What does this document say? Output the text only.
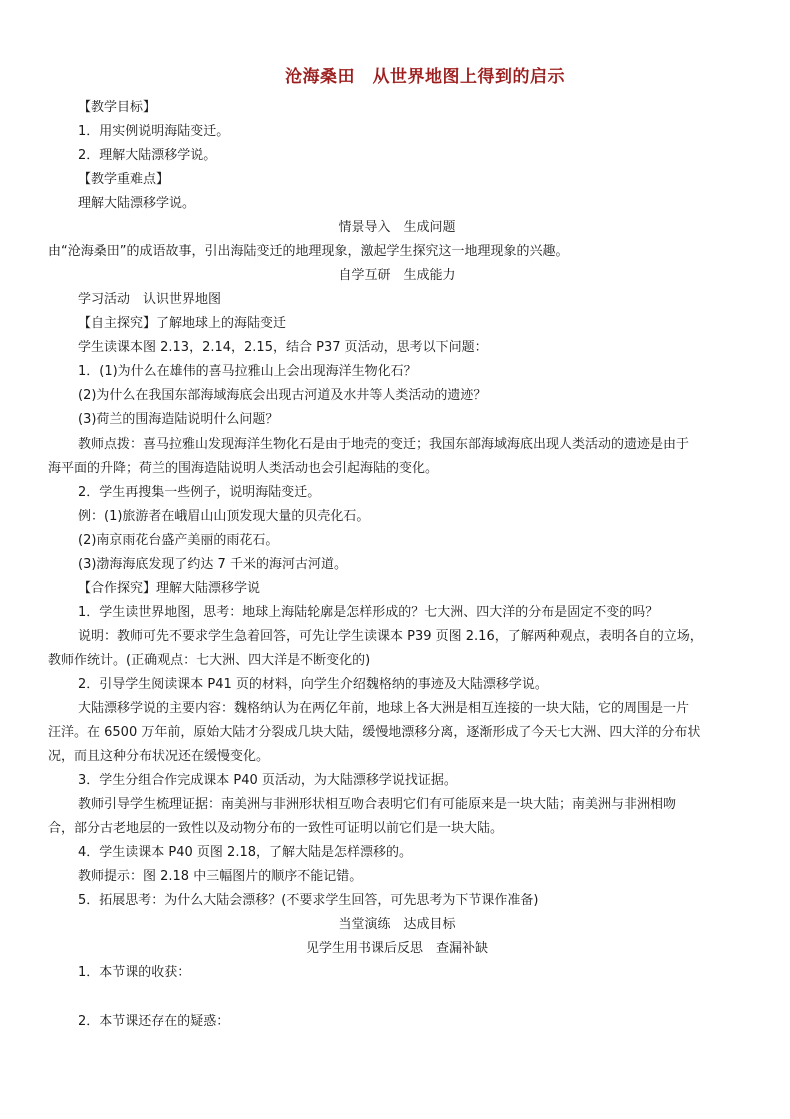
沧海桑田　从世界地图上得到的启示
【教学目标】
1．用实例说明海陆变迁。
2．理解大陆漂移学说。
【教学重难点】
理解大陆漂移学说。
情景导入　生成问题
由“沧海桑田”的成语故事，引出海陆变迁的地理现象，激起学生探究这一地理现象的兴趣。
自学互研　生成能力
学习活动　认识世界地图
【自主探究】了解地球上的海陆变迁
学生读课本图 2.13，2.14，2.15，结合 P37 页活动，思考以下问题：
1．(1)为什么在雄伟的喜马拉雅山上会出现海洋生物化石？
(2)为什么在我国东部海域海底会出现古河道及水井等人类活动的遗迹？
(3)荷兰的围海造陆说明什么问题？
教师点拨：喜马拉雅山发现海洋生物化石是由于地壳的变迁；我国东部海域海底出现人类活动的遗迹是由于
海平面的升降；荷兰的围海造陆说明人类活动也会引起海陆的变化。
2．学生再搜集一些例子，说明海陆变迁。
例：(1)旅游者在峨眉山山顶发现大量的贝壳化石。
(2)南京雨花台盛产美丽的雨花石。
(3)渤海海底发现了约达 7 千米的海河古河道。
【合作探究】理解大陆漂移学说
1．学生读世界地图，思考：地球上海陆轮廓是怎样形成的？七大洲、四大洋的分布是固定不变的吗？
说明：教师可先不要求学生急着回答，可先让学生读课本 P39 页图 2.16，了解两种观点，表明各自的立场，
教师作统计。(正确观点：七大洲、四大洋是不断变化的)
2．引导学生阅读课本 P41 页的材料，向学生介绍魏格纳的事迹及大陆漂移学说。
大陆漂移学说的主要内容：魏格纳认为在两亿年前，地球上各大洲是相互连接的一块大陆，它的周围是一片
汪洋。在 6500 万年前，原始大陆才分裂成几块大陆，缓慢地漂移分离，逐渐形成了今天七大洲、四大洋的分布状
况，而且这种分布状况还在缓慢变化。
3．学生分组合作完成课本 P40 页活动，为大陆漂移学说找证据。
教师引导学生梳理证据：南美洲与非洲形状相互吻合表明它们有可能原来是一块大陆；南美洲与非洲相吻
合，部分古老地层的一致性以及动物分布的一致性可证明以前它们是一块大陆。
4．学生读课本 P40 页图 2.18，了解大陆是怎样漂移的。
教师提示：图 2.18 中三幅图片的顺序不能记错。
5．拓展思考：为什么大陆会漂移？(不要求学生回答，可先思考为下节课作准备)
当堂演练　达成目标
见学生用书课后反思　查漏补缺
1．本节课的收获：
2．本节课还存在的疑惑：
